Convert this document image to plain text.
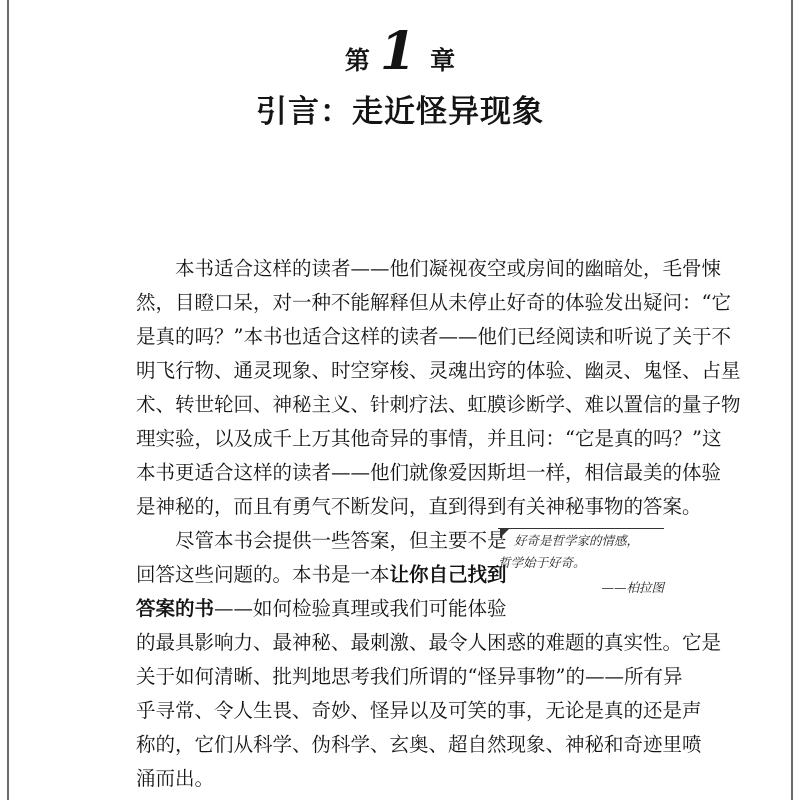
第 1 章
引言：走近怪异现象
本书适合这样的读者——他们凝视夜空或房间的幽暗处，毛骨悚
然，目瞪口呆，对一种不能解释但从未停止好奇的体验发出疑问：“它
是真的吗？”本书也适合这样的读者——他们已经阅读和听说了关于不
明飞行物、通灵现象、时空穿梭、灵魂出窍的体验、幽灵、鬼怪、占星
术、转世轮回、神秘主义、针刺疗法、虹膜诊断学、难以置信的量子物
理实验，以及成千上万其他奇异的事情，并且问：“它是真的吗？”这
本书更适合这样的读者——他们就像爱因斯坦一样，相信最美的体验
是神秘的，而且有勇气不断发问，直到得到有关神秘事物的答案。
尽管本书会提供一些答案，但主要不是
回答这些问题的。本书是一本让你自己找到
答案的书——如何检验真理或我们可能体验
的最具影响力、最神秘、最刺激、最令人困惑的难题的真实性。它是
关于如何清晰、批判地思考我们所谓的“怪异事物”的——所有异
乎寻常、令人生畏、奇妙、怪异以及可笑的事，无论是真的还是声
称的，它们从科学、伪科学、玄奥、超自然现象、神秘和奇迹里喷
涌而出。
好奇是哲学家的情感，
哲学始于好奇。
——柏拉图
